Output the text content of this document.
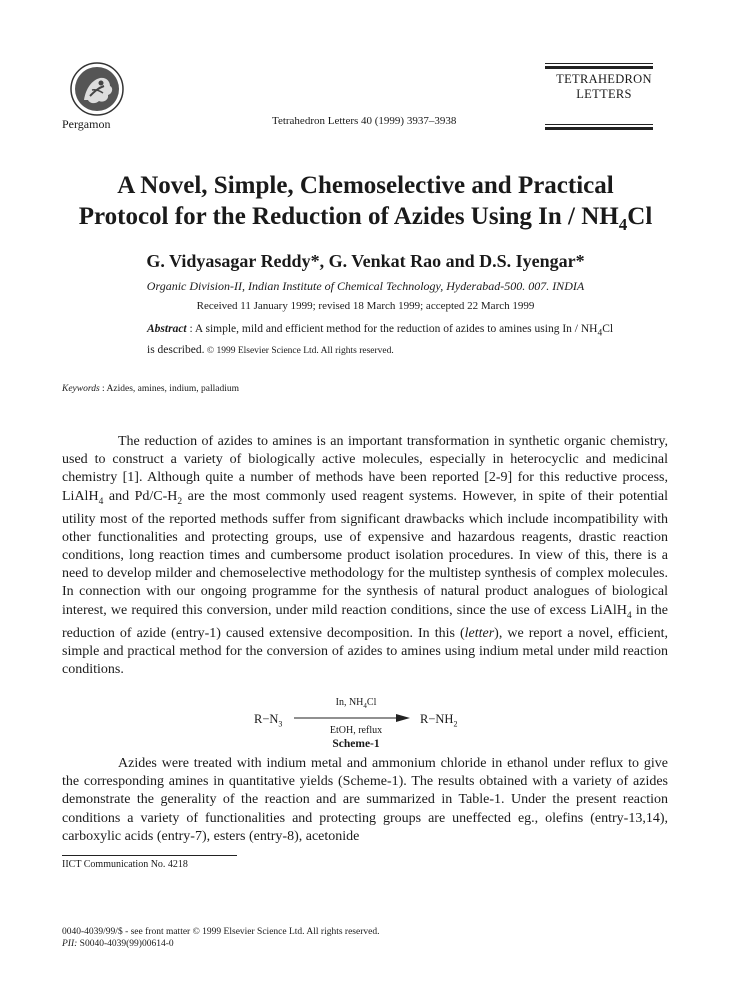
Pergamon	Tetrahedron Letters 40 (1999) 3937–3938
TETRAHEDRON
LETTERS
A Novel, Simple, Chemoselective and Practical
Protocol for the Reduction of Azides Using In / $NH_4Cl$
G. Vidyasagar Reddy*, G. Venkat Rao and D.S. Iyengar*
Organic Division-II, Indian Institute of Chemical Technology, Hyderabad-500. 007. INDIA
Received 11 January 1999; revised 18 March 1999; accepted 22 March 1999
Abstract : A simple, mild and efficient method for the reduction of azides to amines using In / $NH_4Cl$ is described. © 1999 Elsevier Science Ltd. All rights reserved.
Keywords : Azides, amines, indium, palladium
The reduction of azides to amines is an important transformation in synthetic organic chemistry, used to construct a variety of biologically active molecules, especially in heterocyclic and medicinal chemistry [1]. Although quite a number of methods have been reported [2-9] for this reductive process, LiAlH$_4$ and $Pd/C-H_2$ are the most commonly used reagent systems. However, in spite of their potential utility most of the reported methods suffer from significant drawbacks which include incompatibility with other functionalities and protecting groups, use of expensive and hazardous reagents, drastic reaction conditions, long reaction times and cumbersome product isolation procedures. In view of this, there is a need to develop milder and chemoselective methodology for the multistep synthesis of complex molecules. In connection with our ongoing programme for the synthesis of natural product analogues of biological interest, we required this conversion, under mild reaction conditions, since the use of excess LiAlH$_4$ in the reduction of azide (entry-1) caused extensive decomposition. In this (letter), we report a novel, efficient, simple and practical method for the conversion of azides to amines using indium metal under mild reaction conditions.
$R-N_3$
In, $NH_4Cl$
EtOH, reflux
$R-NH_2$
Scheme-1
Azides were treated with indium metal and ammonium chloride in ethanol under reflux to give the corresponding amines in quantitative yields (Scheme-1). The results obtained with a variety of azides demonstrate the generality of the reaction and are summarized in Table-1. Under the present reaction conditions a variety of functionalities and protecting groups are uneffected eg., olefins (entry-13,14), carboxylic acids (entry-7), esters (entry-8), acetonide
IICT Communication No. 4218
0040-4039/99/$ - see front matter © 1999 Elsevier Science Ltd. All rights reserved.
PII: S0040-4039(99)00614-0
